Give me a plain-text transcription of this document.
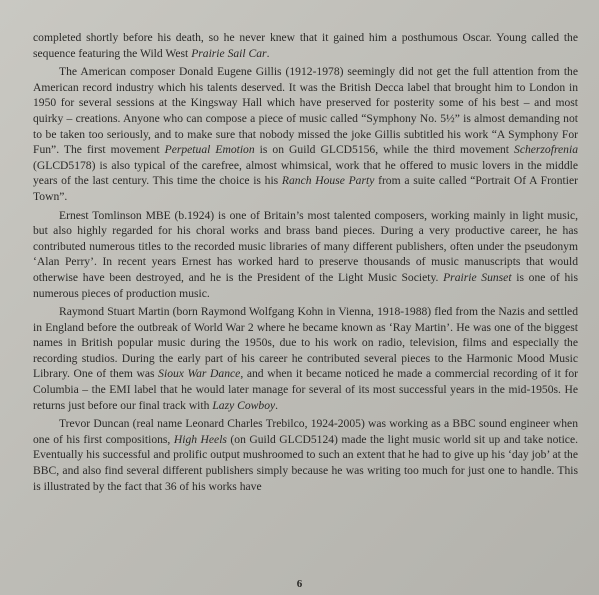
completed shortly before his death, so he never knew that it gained him a posthumous Oscar. Young called the sequence featuring the Wild West Prairie Sail Car.

The American composer Donald Eugene Gillis (1912-1978) seemingly did not get the full attention from the American record industry which his talents deserved. It was the British Decca label that brought him to London in 1950 for several sessions at the Kingsway Hall which have preserved for posterity some of his best – and most quirky – creations. Anyone who can compose a piece of music called “Symphony No. 5½” is almost demanding not to be taken too seriously, and to make sure that nobody missed the joke Gillis subtitled his work “A Symphony For Fun”. The first movement Perpetual Emotion is on Guild GLCD5156, while the third movement Scherzofrenia (GLCD5178) is also typical of the carefree, almost whimsical, work that he offered to music lovers in the middle years of the last century. This time the choice is his Ranch House Party from a suite called “Portrait Of A Frontier Town”.

Ernest Tomlinson MBE (b.1924) is one of Britain’s most talented composers, working mainly in light music, but also highly regarded for his choral works and brass band pieces. During a very productive career, he has contributed numerous titles to the recorded music libraries of many different publishers, often under the pseudonym ‘Alan Perry’. In recent years Ernest has worked hard to preserve thousands of music manuscripts that would otherwise have been destroyed, and he is the President of the Light Music Society. Prairie Sunset is one of his numerous pieces of production music.

Raymond Stuart Martin (born Raymond Wolfgang Kohn in Vienna, 1918-1988) fled from the Nazis and settled in England before the outbreak of World War 2 where he became known as ‘Ray Martin’. He was one of the biggest names in British popular music during the 1950s, due to his work on radio, television, films and especially the recording studios. During the early part of his career he contributed several pieces to the Harmonic Mood Music Library. One of them was Sioux War Dance, and when it became noticed he made a commercial recording of it for Columbia – the EMI label that he would later manage for several of its most successful years in the mid-1950s. He returns just before our final track with Lazy Cowboy.

Trevor Duncan (real name Leonard Charles Trebilco, 1924-2005) was working as a BBC sound engineer when one of his first compositions, High Heels (on Guild GLCD5124) made the light music world sit up and take notice. Eventually his successful and prolific output mushroomed to such an extent that he had to give up his ‘day job’ at the BBC, and also find several different publishers simply because he was writing too much for just one to handle. This is illustrated by the fact that 36 of his works have

6
